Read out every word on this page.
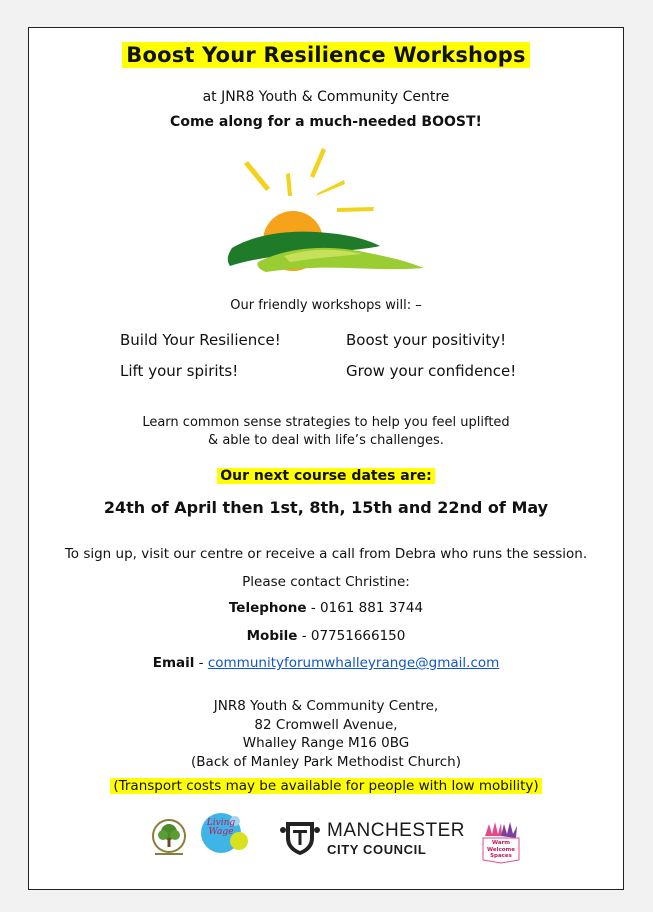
Boost Your Resilience Workshops
at JNR8 Youth & Community Centre
Come along for a much-needed BOOST!
Our friendly workshops will: –
Build Your Resilience!	Boost your positivity!
Lift your spirits!	Grow your confidence!
Learn common sense strategies to help you feel uplifted
& able to deal with life’s challenges.
Our next course dates are:
24th of April then 1st, 8th, 15th and 22nd of May
To sign up, visit our centre or receive a call from Debra who runs the session.
Please contact Christine:
Telephone - 0161 881 3744
Mobile - 07751666150
Email - communityforumwhalleyrange@gmail.com
JNR8 Youth & Community Centre,
82 Cromwell Avenue,
Whalley Range M16 0BG
(Back of Manley Park Methodist Church)
(Transport costs may be available for people with low mobility)
Living
Wage	MANCHESTER
CITY COUNCIL	Warm
Welcome
Spaces
